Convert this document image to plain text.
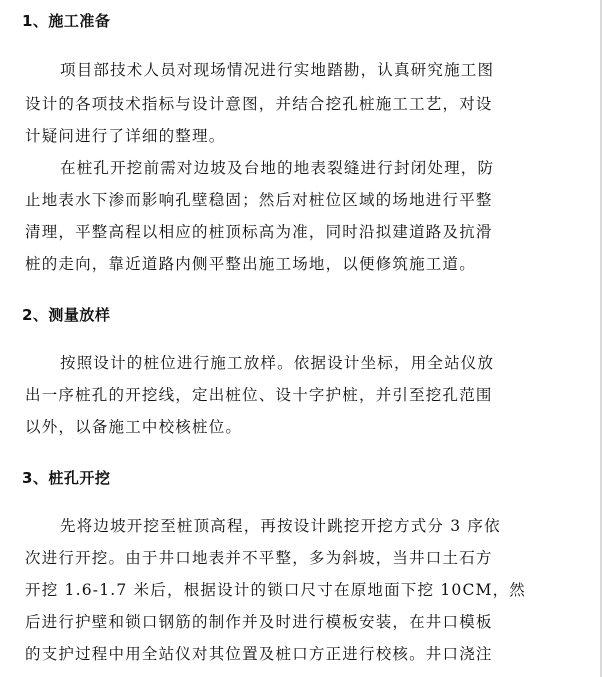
1、施工准备
项目部技术人员对现场情况进行实地踏勘，认真研究施工图
设计的各项技术指标与设计意图，并结合挖孔桩施工工艺，对设
计疑问进行了详细的整理。
在桩孔开挖前需对边坡及台地的地表裂缝进行封闭处理，防
止地表水下渗而影响孔壁稳固；然后对桩位区域的场地进行平整
清理，平整高程以相应的桩顶标高为准，同时沿拟建道路及抗滑
桩的走向，靠近道路内侧平整出施工场地，以便修筑施工道。
2、测量放样
按照设计的桩位进行施工放样。依据设计坐标，用全站仪放
出一序桩孔的开挖线，定出桩位、设十字护桩，并引至挖孔范围
以外，以备施工中校核桩位。
3、桩孔开挖
先将边坡开挖至桩顶高程，再按设计跳挖开挖方式分 3 序依
次进行开挖。由于井口地表并不平整，多为斜坡，当井口土石方
开挖 1.6-1.7 米后，根据设计的锁口尺寸在原地面下挖 10CM，然
后进行护壁和锁口钢筋的制作并及时进行模板安装，在井口模板
的支护过程中用全站仪对其位置及桩口方正进行校核。井口浇注
